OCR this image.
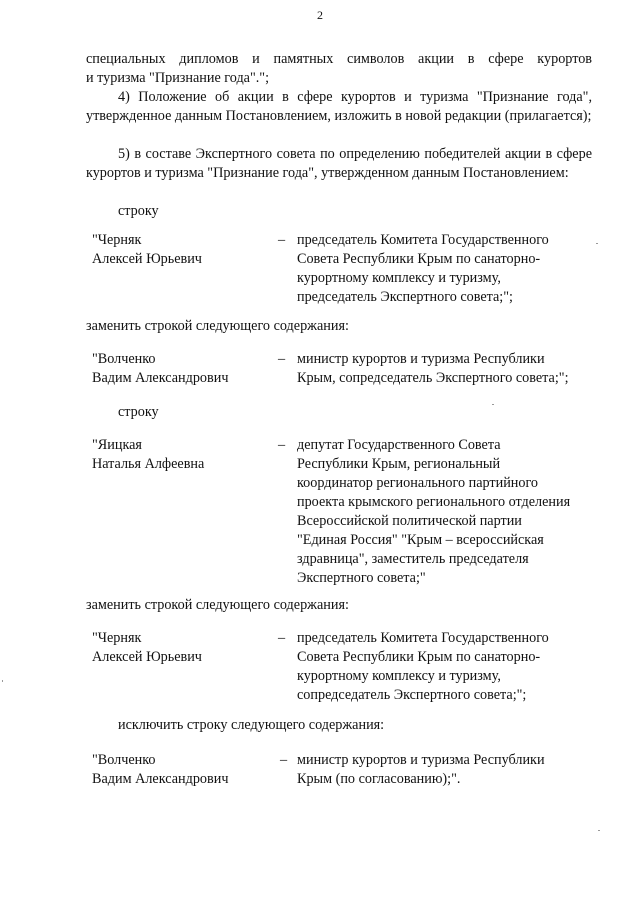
2
специальных дипломов и памятных символов акции в сфере курортов
и туризма "Признание года".";
4) Положение об акции в сфере курортов и туризма "Признание года", утвержденное данным Постановлением, изложить в новой редакции (прилагается);
5) в составе Экспертного совета по определению победителей акции в сфере курортов и туризма "Признание года", утвержденном данным Постановлением:
строку
"Черняк
Алексей Юрьевич
– председатель Комитета Государственного
Совета Республики Крым по санаторно-
курортному комплексу и туризму,
председатель Экспертного совета;";
заменить строкой следующего содержания:
"Волченко
Вадим Александрович
– министр курортов и туризма Республики
Крым, сопредседатель Экспертного совета;";
строку
"Яицкая
Наталья Алфеевна
– депутат Государственного Совета
Республики Крым, региональный
координатор регионального партийного
проекта крымского регионального отделения
Всероссийской политической партии
"Единая Россия" "Крым – всероссийская
здравница", заместитель председателя
Экспертного совета;"
заменить строкой следующего содержания:
"Черняк
Алексей Юрьевич
– председатель Комитета Государственного
Совета Республики Крым по санаторно-
курортному комплексу и туризму,
сопредседатель Экспертного совета;";
исключить строку следующего содержания:
"Волченко
Вадим Александрович
– министр курортов и туризма Республики
Крым (по согласованию);".
